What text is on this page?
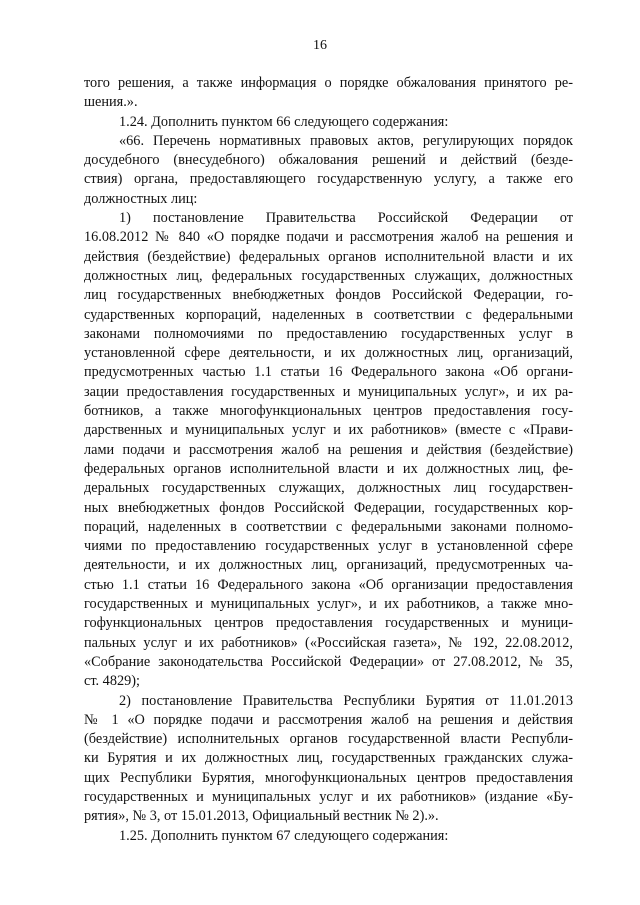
16
того решения, а также информация о порядке обжалования принятого ре-
шения.».
1.24. Дополнить пунктом 66 следующего содержания:
«66. Перечень нормативных правовых актов, регулирующих порядок
досудебного (внесудебного) обжалования решений и действий (безде-
ствия) органа, предоставляющего государственную услугу, а также его
должностных лиц:
1) постановление Правительства Российской Федерации от
16.08.2012 № 840 «О порядке подачи и рассмотрения жалоб на решения и
действия (бездействие) федеральных органов исполнительной власти и их
должностных лиц, федеральных государственных служащих, должностных
лиц государственных внебюджетных фондов Российской Федерации, го-
сударственных корпораций, наделенных в соответствии с федеральными
законами полномочиями по предоставлению государственных услуг в
установленной сфере деятельности, и их должностных лиц, организаций,
предусмотренных частью 1.1 статьи 16 Федерального закона «Об органи-
зации предоставления государственных и муниципальных услуг», и их ра-
ботников, а также многофункциональных центров предоставления госу-
дарственных и муниципальных услуг и их работников» (вместе с «Прави-
лами подачи и рассмотрения жалоб на решения и действия (бездействие)
федеральных органов исполнительной власти и их должностных лиц, фе-
деральных государственных служащих, должностных лиц государствен-
ных внебюджетных фондов Российской Федерации, государственных кор-
пораций, наделенных в соответствии с федеральными законами полномо-
чиями по предоставлению государственных услуг в установленной сфере
деятельности, и их должностных лиц, организаций, предусмотренных ча-
стью 1.1 статьи 16 Федерального закона «Об организации предоставления
государственных и муниципальных услуг», и их работников, а также мно-
гофункциональных центров предоставления государственных и муници-
пальных услуг и их работников» («Российская газета», № 192, 22.08.2012,
«Собрание законодательства Российской Федерации» от 27.08.2012, № 35,
ст. 4829);
2) постановление Правительства Республики Бурятия от 11.01.2013
№ 1 «О порядке подачи и рассмотрения жалоб на решения и действия
(бездействие) исполнительных органов государственной власти Республи-
ки Бурятия и их должностных лиц, государственных гражданских служа-
щих Республики Бурятия, многофункциональных центров предоставления
государственных и муниципальных услуг и их работников» (издание «Бу-
рятия», № 3, от 15.01.2013, Официальный вестник № 2).».
1.25. Дополнить пунктом 67 следующего содержания:
